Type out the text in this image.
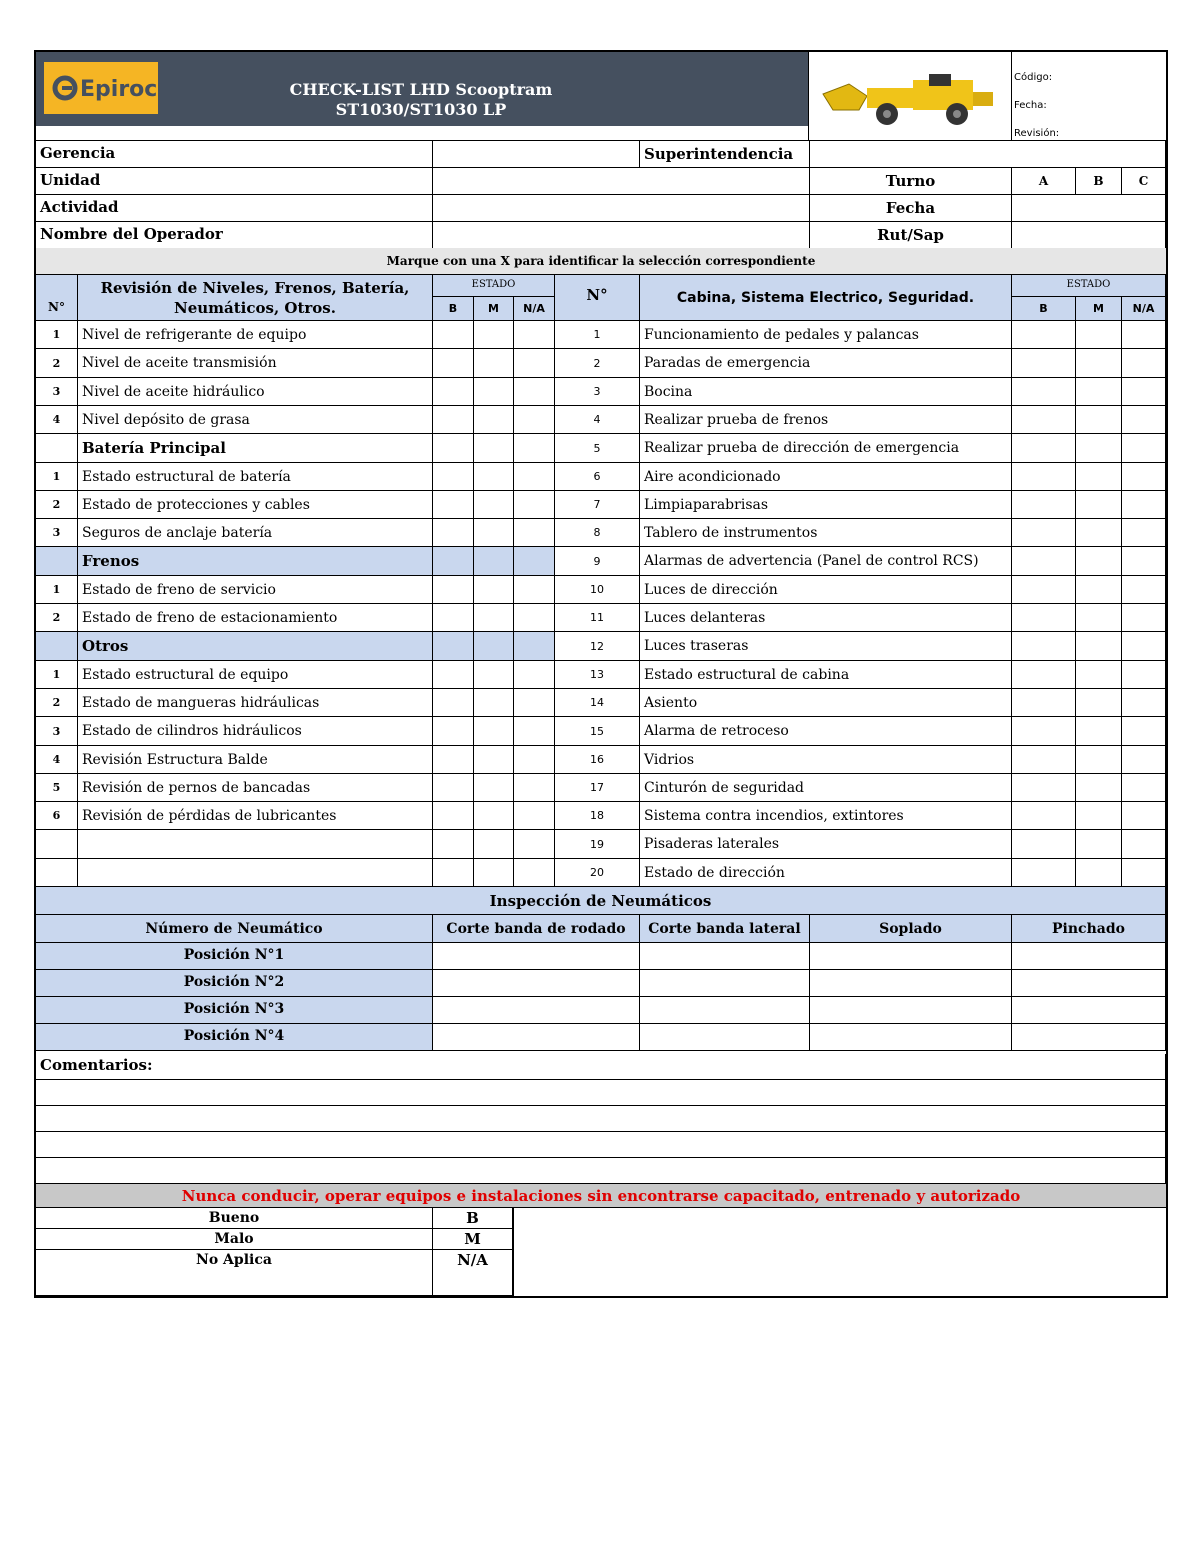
Epiroc	CHECK-LIST LHD Scooptram
ST1030/ST1030 LP
Código:
Fecha:
Revisión:
Gerencia	Superintendencia
Unidad	Turno	A	B	C
Actividad	Fecha
Nombre del Operador	Rut/Sap
Marque con una X para identificar la selección correspondiente
N°
Revisión de Niveles, Frenos, Batería, Neumáticos, Otros.
ESTADO
B	M	N/A
1	Nivel de refrigerante de equipo
2	Nivel de aceite transmisión
3	Nivel de aceite hidráulico
4	Nivel depósito de grasa
Batería Principal
1	Estado estructural de batería
2	Estado de protecciones y cables
3	Seguros de anclaje batería
Frenos
1	Estado de freno de servicio
2	Estado de freno de estacionamiento
Otros
1	Estado estructural de equipo
2	Estado de mangueras hidráulicas
3	Estado de cilindros hidráulicos
4	Revisión Estructura Balde
5	Revisión de pernos de bancadas
6	Revisión de pérdidas de lubricantes
N°	Cabina, Sistema Electrico, Seguridad.
ESTADO
B	M	N/A
1	Funcionamiento de pedales y palancas
2	Paradas de emergencia
3	Bocina
4	Realizar prueba de frenos
5	Realizar prueba de dirección de emergencia
6	Aire acondicionado
7	Limpiaparabrisas
8	Tablero de instrumentos
9	Alarmas de advertencia (Panel de control RCS)
10	Luces de dirección
11	Luces delanteras
12	Luces traseras
13	Estado estructural de cabina
14	Asiento
15	Alarma de retroceso
16	Vidrios
17	Cinturón de seguridad
18	Sistema contra incendios, extintores
19	Pisaderas laterales
20	Estado de dirección
Inspección de Neumáticos
Número de Neumático	Corte banda de rodado	Corte banda lateral	Soplado	Pinchado
Posición N°1
Posición N°2
Posición N°3
Posición N°4
Comentarios:
Nunca conducir, operar equipos e instalaciones sin encontrarse capacitado, entrenado y autorizado
Bueno	B
Malo	M
No Aplica	N/A
